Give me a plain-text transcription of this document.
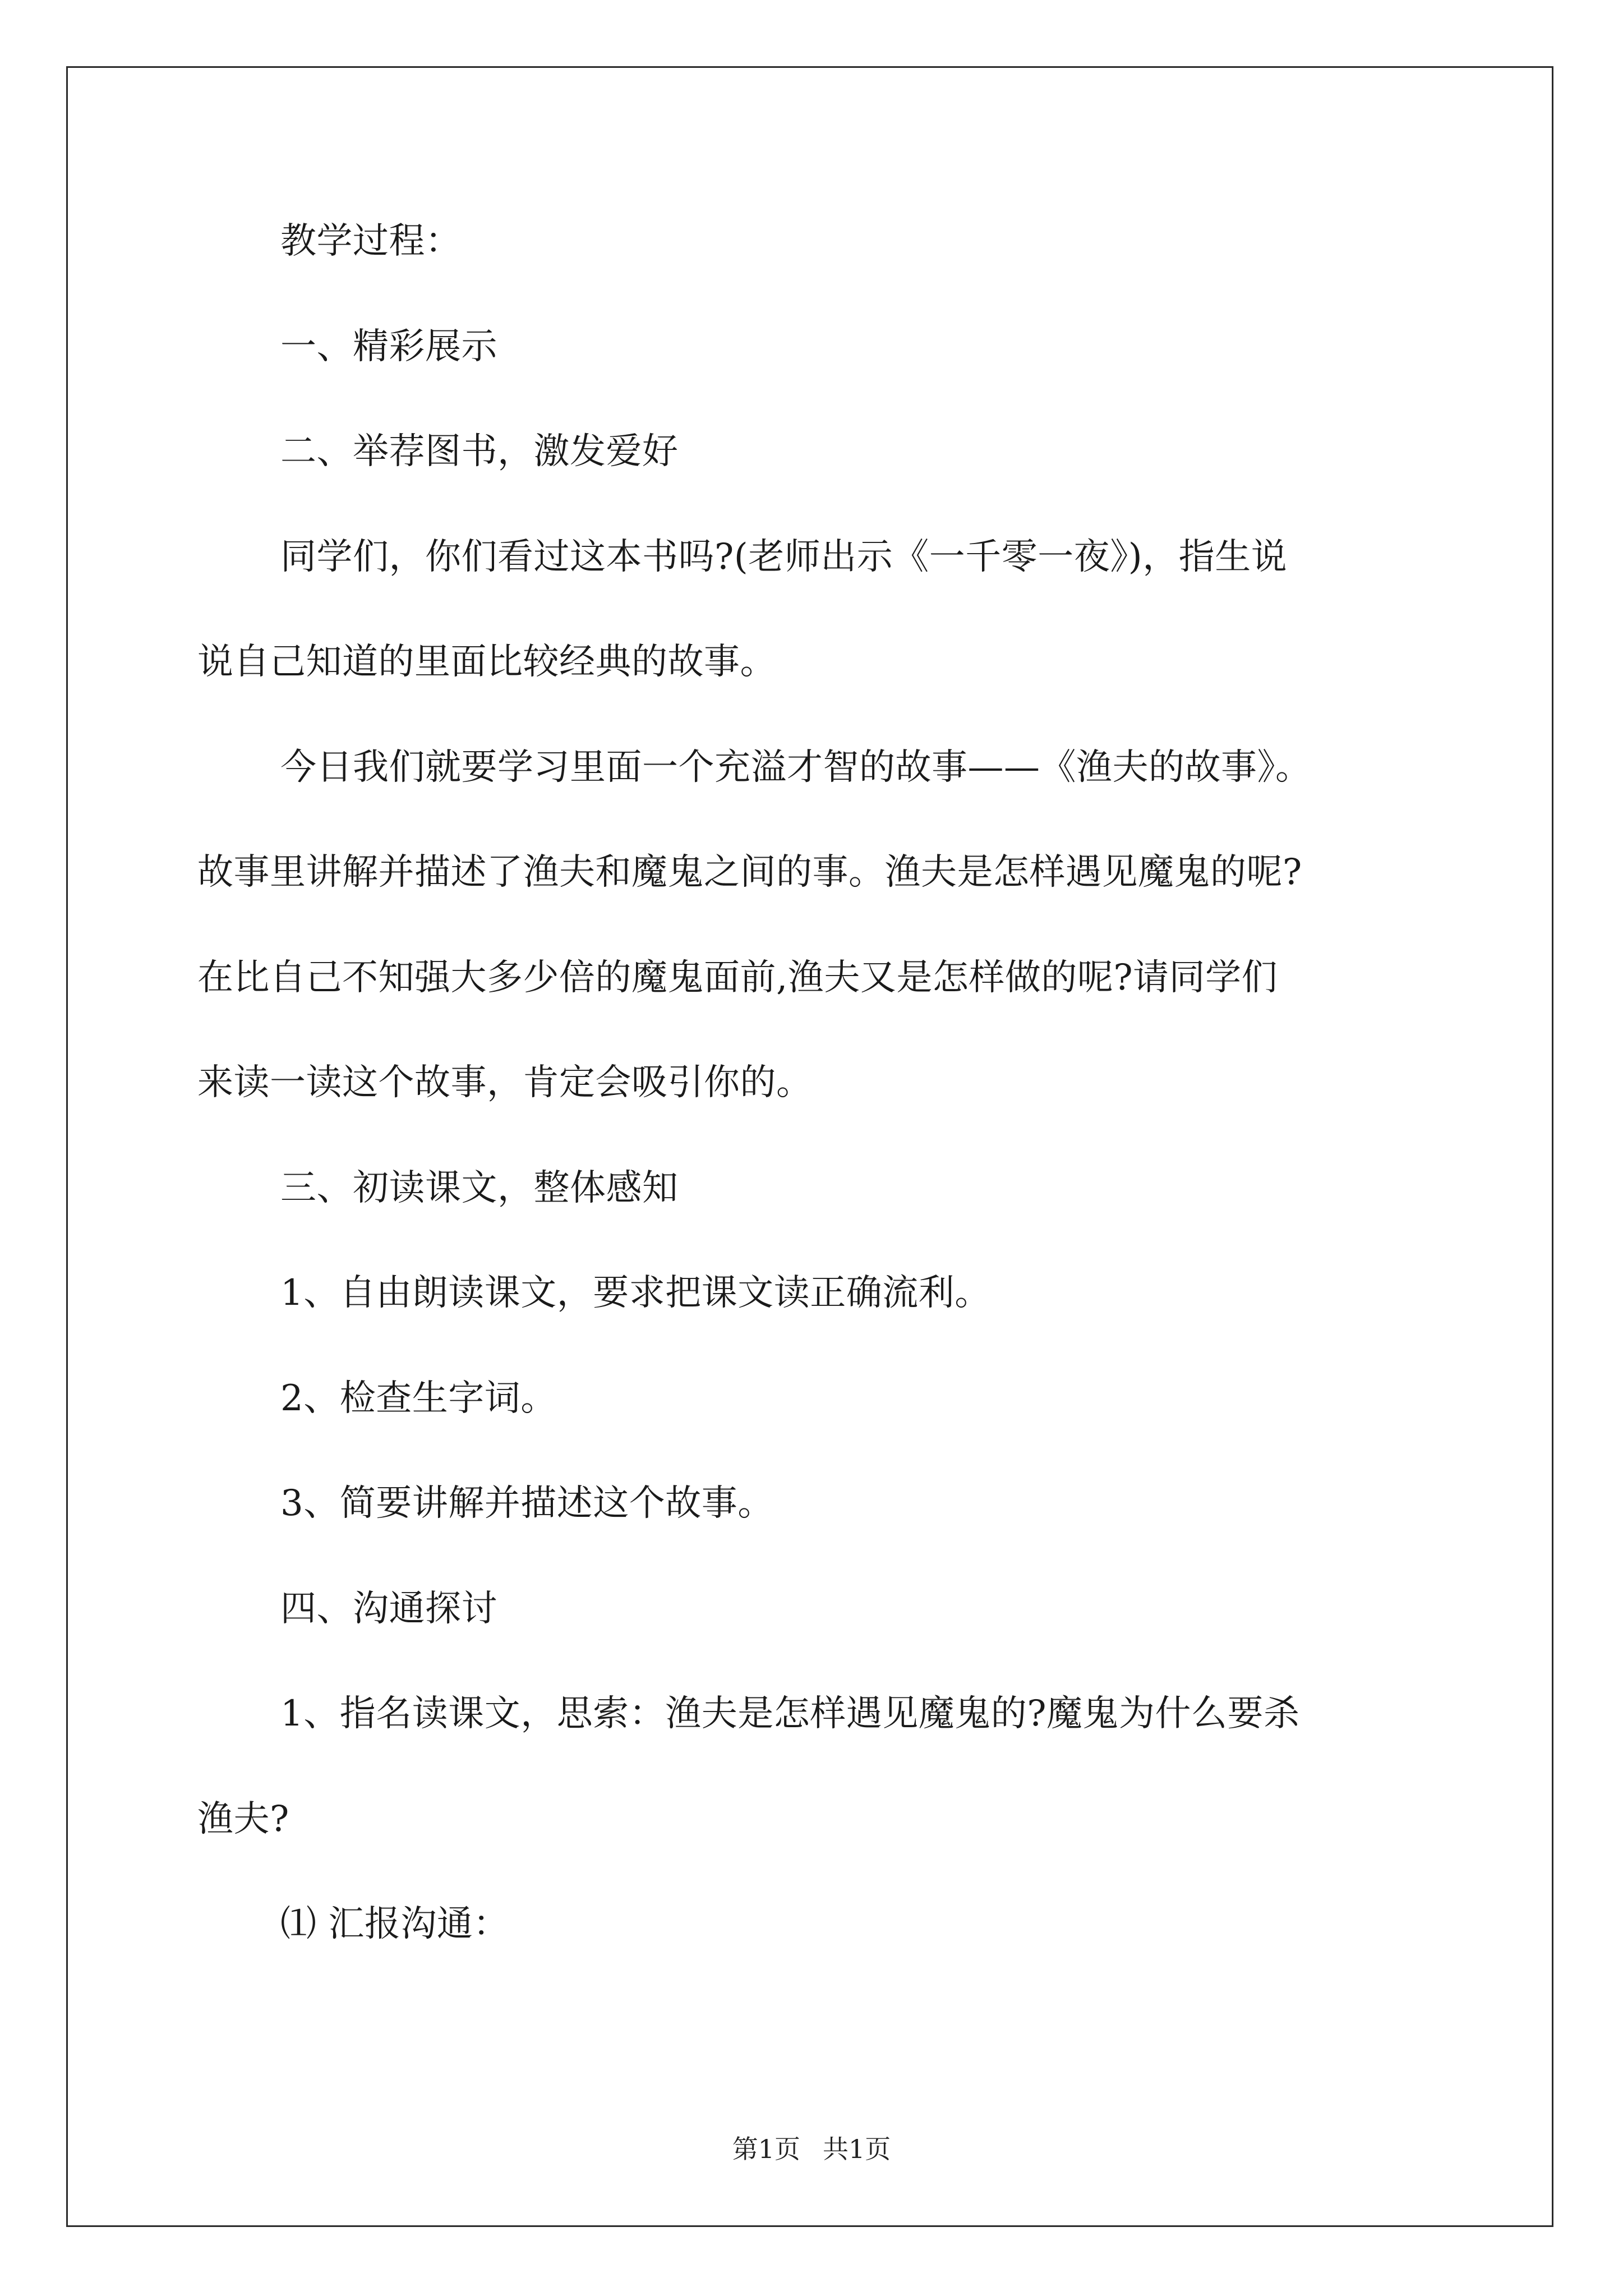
教学过程：

一、精彩展示

二、举荐图书，激发爱好

同学们，你们看过这本书吗?(老师出示《一千零一夜》)，指生说

说自己知道的里面比较经典的故事。

今日我们就要学习里面一个充溢才智的故事——《渔夫的故事》。

故事里讲解并描述了渔夫和魔鬼之间的事。渔夫是怎样遇见魔鬼的呢?

在比自己不知强大多少倍的魔鬼面前,渔夫又是怎样做的呢?请同学们

来读一读这个故事，肯定会吸引你的。

三、初读课文，整体感知

1、自由朗读课文，要求把课文读正确流利。

2、检查生字词。

3、简要讲解并描述这个故事。

四、沟通探讨

1、指名读课文，思索：渔夫是怎样遇见魔鬼的?魔鬼为什么要杀

渔夫?

⑴ 汇报沟通：

第1页 共1页
